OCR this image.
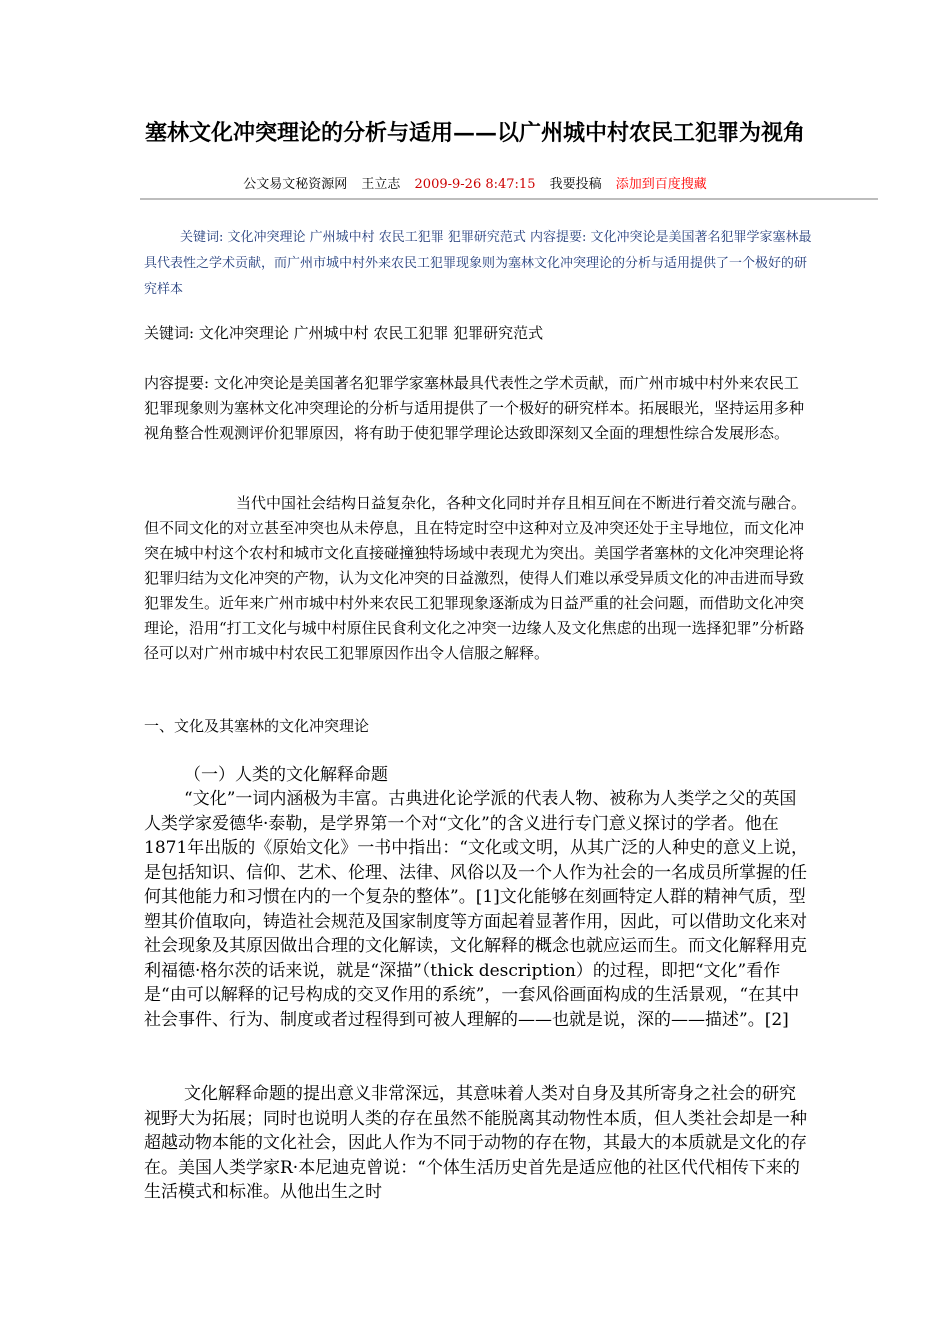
塞林文化冲突理论的分析与适用——以广州城中村农民工犯罪为视角
公文易文秘资源网 王立志 2009-9-26 8:47:15 我要投稿 添加到百度搜藏
关键词: 文化冲突理论 广州城中村 农民工犯罪 犯罪研究范式 内容提要: 文化冲突论是美国著名犯罪学家塞林最具代表性之学术贡献，而广州市城中村外来农民工犯罪现象则为塞林文化冲突理论的分析与适用提供了一个极好的研究样本
关键词: 文化冲突理论 广州城中村 农民工犯罪 犯罪研究范式
内容提要: 文化冲突论是美国著名犯罪学家塞林最具代表性之学术贡献，而广州市城中村外来农民工犯罪现象则为塞林文化冲突理论的分析与适用提供了一个极好的研究样本。拓展眼光，坚持运用多种视角整合性观测评价犯罪原因，将有助于使犯罪学理论达致即深刻又全面的理想性综合发展形态。
当代中国社会结构日益复杂化，各种文化同时并存且相互间在不断进行着交流与融合。但不同文化的对立甚至冲突也从未停息，且在特定时空中这种对立及冲突还处于主导地位，而文化冲突在城中村这个农村和城市文化直接碰撞独特场域中表现尤为突出。美国学者塞林的文化冲突理论将犯罪归结为文化冲突的产物，认为文化冲突的日益激烈，使得人们难以承受异质文化的冲击进而导致犯罪发生。近年来广州市城中村外来农民工犯罪现象逐渐成为日益严重的社会问题，而借助文化冲突理论，沿用“打工文化与城中村原住民食利文化之冲突一边缘人及文化焦虑的出现一选择犯罪”分析路径可以对广州市城中村农民工犯罪原因作出令人信服之解释。
一、文化及其塞林的文化冲突理论
（一）人类的文化解释命题
“文化”一词内涵极为丰富。古典进化论学派的代表人物、被称为人类学之父的英国人类学家爱德华·泰勒，是学界第一个对“文化”的含义进行专门意义探讨的学者。他在1871年出版的《原始文化》一书中指出：“文化或文明，从其广泛的人种史的意义上说，是包括知识、信仰、艺术、伦理、法律、风俗以及一个人作为社会的一名成员所掌握的任何其他能力和习惯在内的一个复杂的整体”。[1]文化能够在刻画特定人群的精神气质，型塑其价值取向，铸造社会规范及国家制度等方面起着显著作用，因此，可以借助文化来对社会现象及其原因做出合理的文化解读，文化解释的概念也就应运而生。而文化解释用克利福德·格尔茨的话来说，就是“深描”（thick description）的过程，即把“文化”看作是“由可以解释的记号构成的交叉作用的系统”，一套风俗画面构成的生活景观，“在其中社会事件、行为、制度或者过程得到可被人理解的——也就是说，深的——描述”。[2]
文化解释命题的提出意义非常深远，其意味着人类对自身及其所寄身之社会的研究视野大为拓展；同时也说明人类的存在虽然不能脱离其动物性本质，但人类社会却是一种超越动物本能的文化社会，因此人作为不同于动物的存在物，其最大的本质就是文化的存在。美国人类学家R·本尼迪克曾说：“个体生活历史首先是适应他的社区代代相传下来的生活模式和标准。从他出生之时
